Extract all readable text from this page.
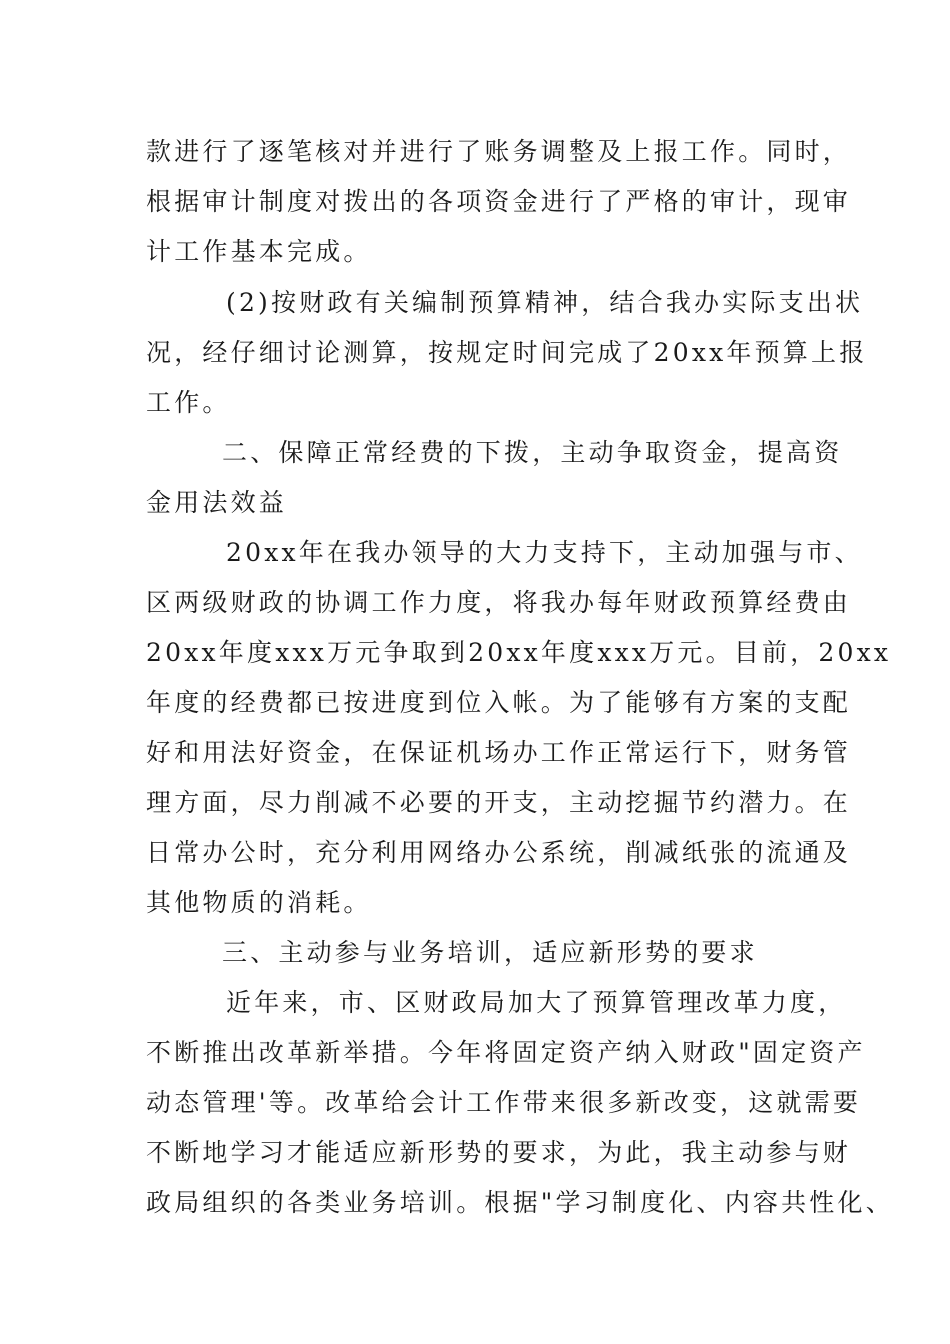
款进行了逐笔核对并进行了账务调整及上报工作。同时，
根据审计制度对拨出的各项资金进行了严格的审计，现审
计工作基本完成。
(2)按财政有关编制预算精神，结合我办实际支出状
况，经仔细讨论测算，按规定时间完成了20xx年预算上报
工作。
二、保障正常经费的下拨，主动争取资金，提高资
金用法效益
20xx年在我办领导的大力支持下，主动加强与市、
区两级财政的协调工作力度，将我办每年财政预算经费由
20xx年度xxx万元争取到20xx年度xxx万元。目前，20xx
年度的经费都已按进度到位入帐。为了能够有方案的支配
好和用法好资金，在保证机场办工作正常运行下，财务管
理方面，尽力削减不必要的开支，主动挖掘节约潜力。在
日常办公时，充分利用网络办公系统，削减纸张的流通及
其他物质的消耗。
三、主动参与业务培训，适应新形势的要求
近年来，市、区财政局加大了预算管理改革力度，
不断推出改革新举措。今年将固定资产纳入财政"固定资产
动态管理'等。改革给会计工作带来很多新改变，这就需要
不断地学习才能适应新形势的要求，为此，我主动参与财
政局组织的各类业务培训。根据"学习制度化、内容共性化、
